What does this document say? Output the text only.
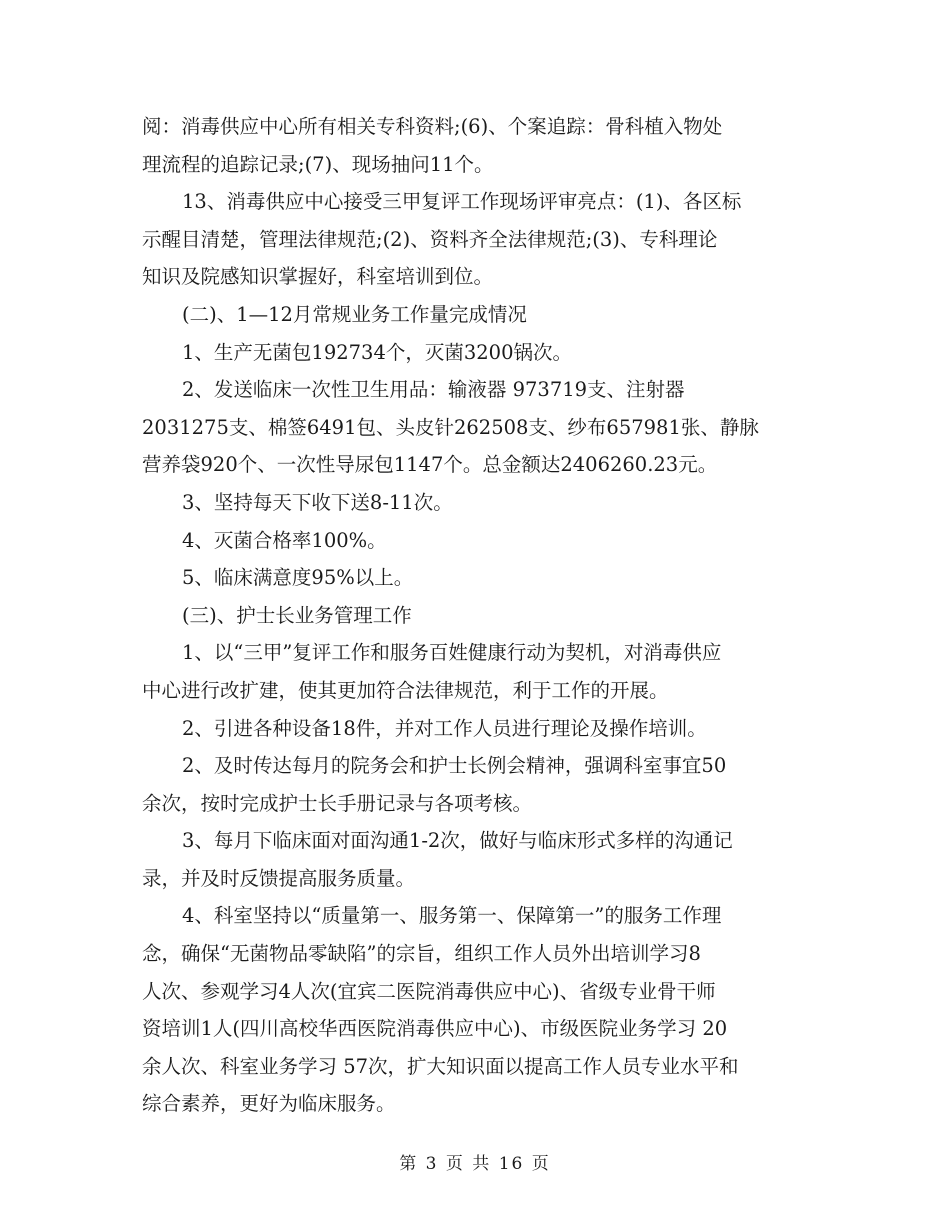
阅：消毒供应中心所有相关专科资料;(6)、个案追踪：骨科植入物处
理流程的追踪记录;(7)、现场抽问11个。
13、消毒供应中心接受三甲复评工作现场评审亮点：(1)、各区标
示醒目清楚，管理法律规范;(2)、资料齐全法律规范;(3)、专科理论
知识及院感知识掌握好，科室培训到位。
(二)、1—12月常规业务工作量完成情况
1、生产无菌包192734个，灭菌3200锅次。
2、发送临床一次性卫生用品：输液器 973719支、注射器
2031275支、棉签6491包、头皮针262508支、纱布657981张、静脉
营养袋920个、一次性导尿包1147个。总金额达2406260.23元。
3、坚持每天下收下送8-11次。
4、灭菌合格率100%。
5、临床满意度95%以上。
(三)、护士长业务管理工作
1、以“三甲”复评工作和服务百姓健康行动为契机，对消毒供应
中心进行改扩建，使其更加符合法律规范，利于工作的开展。
2、引进各种设备18件，并对工作人员进行理论及操作培训。
2、及时传达每月的院务会和护士长例会精神，强调科室事宜50
余次，按时完成护士长手册记录与各项考核。
3、每月下临床面对面沟通1-2次，做好与临床形式多样的沟通记
录，并及时反馈提高服务质量。
4、科室坚持以“质量第一、服务第一、保障第一”的服务工作理
念，确保“无菌物品零缺陷”的宗旨，组织工作人员外出培训学习8
人次、参观学习4人次(宜宾二医院消毒供应中心)、省级专业骨干师
资培训1人(四川高校华西医院消毒供应中心)、市级医院业务学习 20
余人次、科室业务学习 57次，扩大知识面以提高工作人员专业水平和
综合素养，更好为临床服务。

第 3 页 共 16 页
